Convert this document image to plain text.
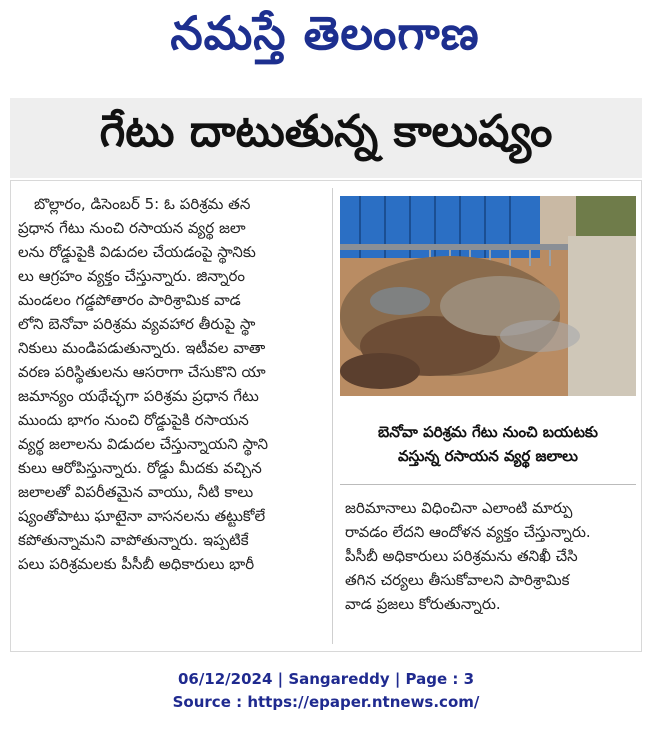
నమస్తే తెలంగాణ
గేటు దాటుతున్న కాలుష్యం
బొల్లారం, డిసెంబర్ 5: ఓ పరిశ్రమ తన
ప్రధాన గేటు నుంచి రసాయన వ్యర్థ జలా
లను రోడ్డుపైకి విడుదల చేయడంపై స్థానికు
లు ఆగ్రహం వ్యక్తం చేస్తున్నారు. జిన్నారం
మండలం గడ్డపోతారం పారిశ్రామిక వాడ
లోని బెనోవా పరిశ్రమ వ్యవహార తీరుపై స్థా
నికులు మండిపడుతున్నారు. ఇటీవల వాతా
వరణ పరిస్థితులను ఆసరాగా చేసుకొని యా
జమాన్యం యథేచ్ఛగా పరిశ్రమ ప్రధాన గేటు
ముందు భాగం నుంచి రోడ్డుపైకి రసాయన
వ్యర్థ జలాలను విడుదల చేస్తున్నాయని స్థాని
కులు ఆరోపిస్తున్నారు. రోడ్డు మీదకు వచ్చిన
జలాలతో విపరీతమైన వాయు, నీటి కాలు
ష్యంతోపాటు ఘాటైనా వాసనలను తట్టుకోలే
కపోతున్నామని వాపోతున్నారు. ఇప్పటికే
పలు పరిశ్రమలకు పీసీబీ అధికారులు భారీ
బెనోవా పరిశ్రమ గేటు నుంచి బయటకు
వస్తున్న రసాయన వ్యర్థ జలాలు
జరిమానాలు విధించినా ఎలాంటి మార్పు
రావడం లేదని ఆందోళన వ్యక్తం చేస్తున్నారు.
పీసీబీ అధికారులు పరిశ్రమను తనిఖీ చేసి
తగిన చర్యలు తీసుకోవాలని పారిశ్రామిక
వాడ ప్రజలు కోరుతున్నారు.
06/12/2024 | Sangareddy | Page : 3
Source : https://epaper.ntnews.com/
